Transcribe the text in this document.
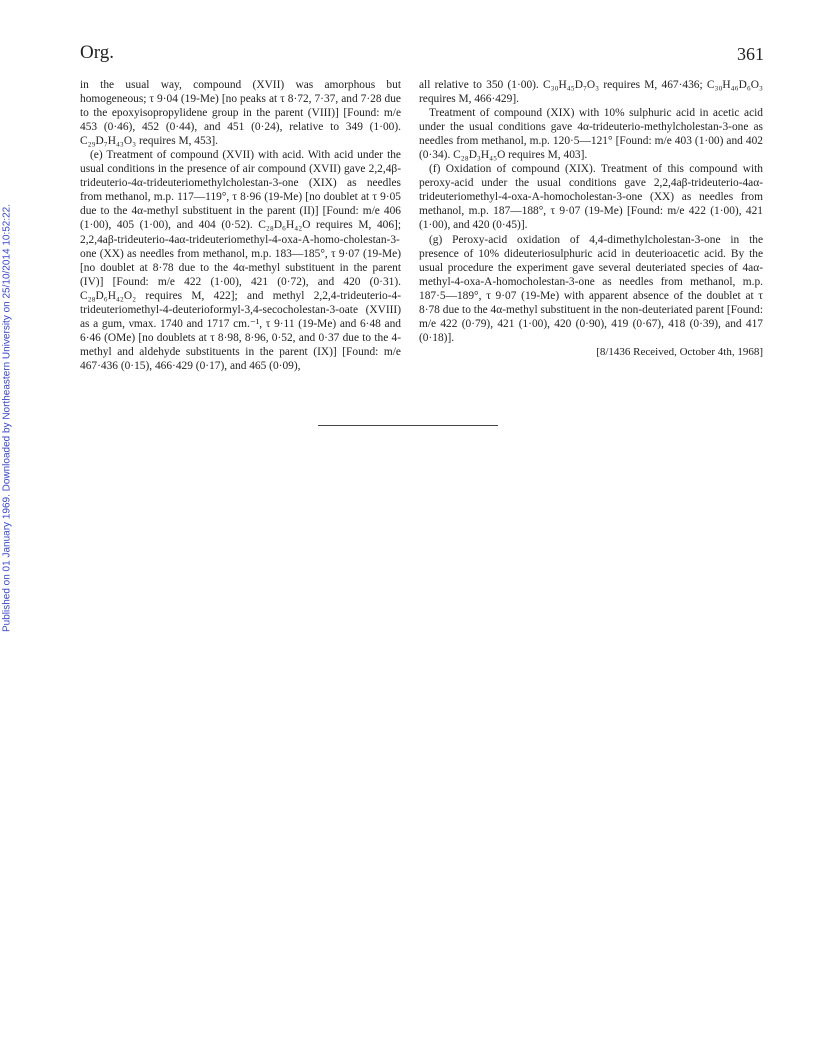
Published on 01 January 1969. Downloaded by Northeastern University on 25/10/2014 10:52:22.
Org.	361

in the usual way, compound (XVII) was amorphous but homogeneous; τ 9·04 (19-Me) [no peaks at τ 8·72, 7·37, and 7·28 due to the epoxyisopropylidene group in the parent (VIII)] [Found: m/e 453 (0·46), 452 (0·44), and 451 (0·24), relative to 349 (1·00). C₂₉D₇H₄₃O₃ requires M, 453].

(e) Treatment of compound (XVII) with acid. With acid under the usual conditions in the presence of air compound (XVII) gave 2,2,4β-trideuterio-4α-trideuteriomethylcholestan-3-one (XIX) as needles from methanol, m.p. 117—119°, τ 8·96 (19-Me) [no doublet at τ 9·05 due to the 4α-methyl substituent in the parent (II)] [Found: m/e 406 (1·00), 405 (1·00), and 404 (0·52). C₂₈D₆H₄₂O requires M, 406]; 2,2,4aβ-trideuterio-4aα-trideuteriomethyl-4-oxa-A-homo-cholestan-3-one (XX) as needles from methanol, m.p. 183—185°, τ 9·07 (19-Me) [no doublet at 8·78 due to the 4α-methyl substituent in the parent (IV)] [Found: m/e 422 (1·00), 421 (0·72), and 420 (0·31). C₂₈D₆H₄₂O₂ requires M, 422]; and methyl 2,2,4-trideuterio-4-trideuteriomethyl-4-deuterioformyl-3,4-secocholestan-3-oate (XVIII) as a gum, νmax. 1740 and 1717 cm.⁻¹, τ 9·11 (19-Me) and 6·48 and 6·46 (OMe) [no doublets at τ 8·98, 8·96, 0·52, and 0·37 due to the 4-methyl and aldehyde substituents in the parent (IX)] [Found: m/e 467·436 (0·15), 466·429 (0·17), and 465 (0·09),

all relative to 350 (1·00). C₃₀H₄₅D₇O₃ requires M, 467·436; C₃₀H₄₆D₆O₃ requires M, 466·429].

Treatment of compound (XIX) with 10% sulphuric acid in acetic acid under the usual conditions gave 4α-trideuterio-methylcholestan-3-one as needles from methanol, m.p. 120·5—121° [Found: m/e 403 (1·00) and 402 (0·34). C₂₈D₃H₄₅O requires M, 403].

(f) Oxidation of compound (XIX). Treatment of this compound with peroxy-acid under the usual conditions gave 2,2,4aβ-trideuterio-4aα-trideuteriomethyl-4-oxa-A-homocholestan-3-one (XX) as needles from methanol, m.p. 187—188°, τ 9·07 (19-Me) [Found: m/e 422 (1·00), 421 (1·00), and 420 (0·45)].

(g) Peroxy-acid oxidation of 4,4-dimethylcholestan-3-one in the presence of 10% dideuteriosulphuric acid in deuterioacetic acid. By the usual procedure the experiment gave several deuteriated species of 4aα-methyl-4-oxa-A-homocholestan-3-one as needles from methanol, m.p. 187·5—189°, τ 9·07 (19-Me) with apparent absence of the doublet at τ 8·78 due to the 4α-methyl substituent in the non-deuteriated parent [Found: m/e 422 (0·79), 421 (1·00), 420 (0·90), 419 (0·67), 418 (0·39), and 417 (0·18)].

[8/1436 Received, October 4th, 1968]
